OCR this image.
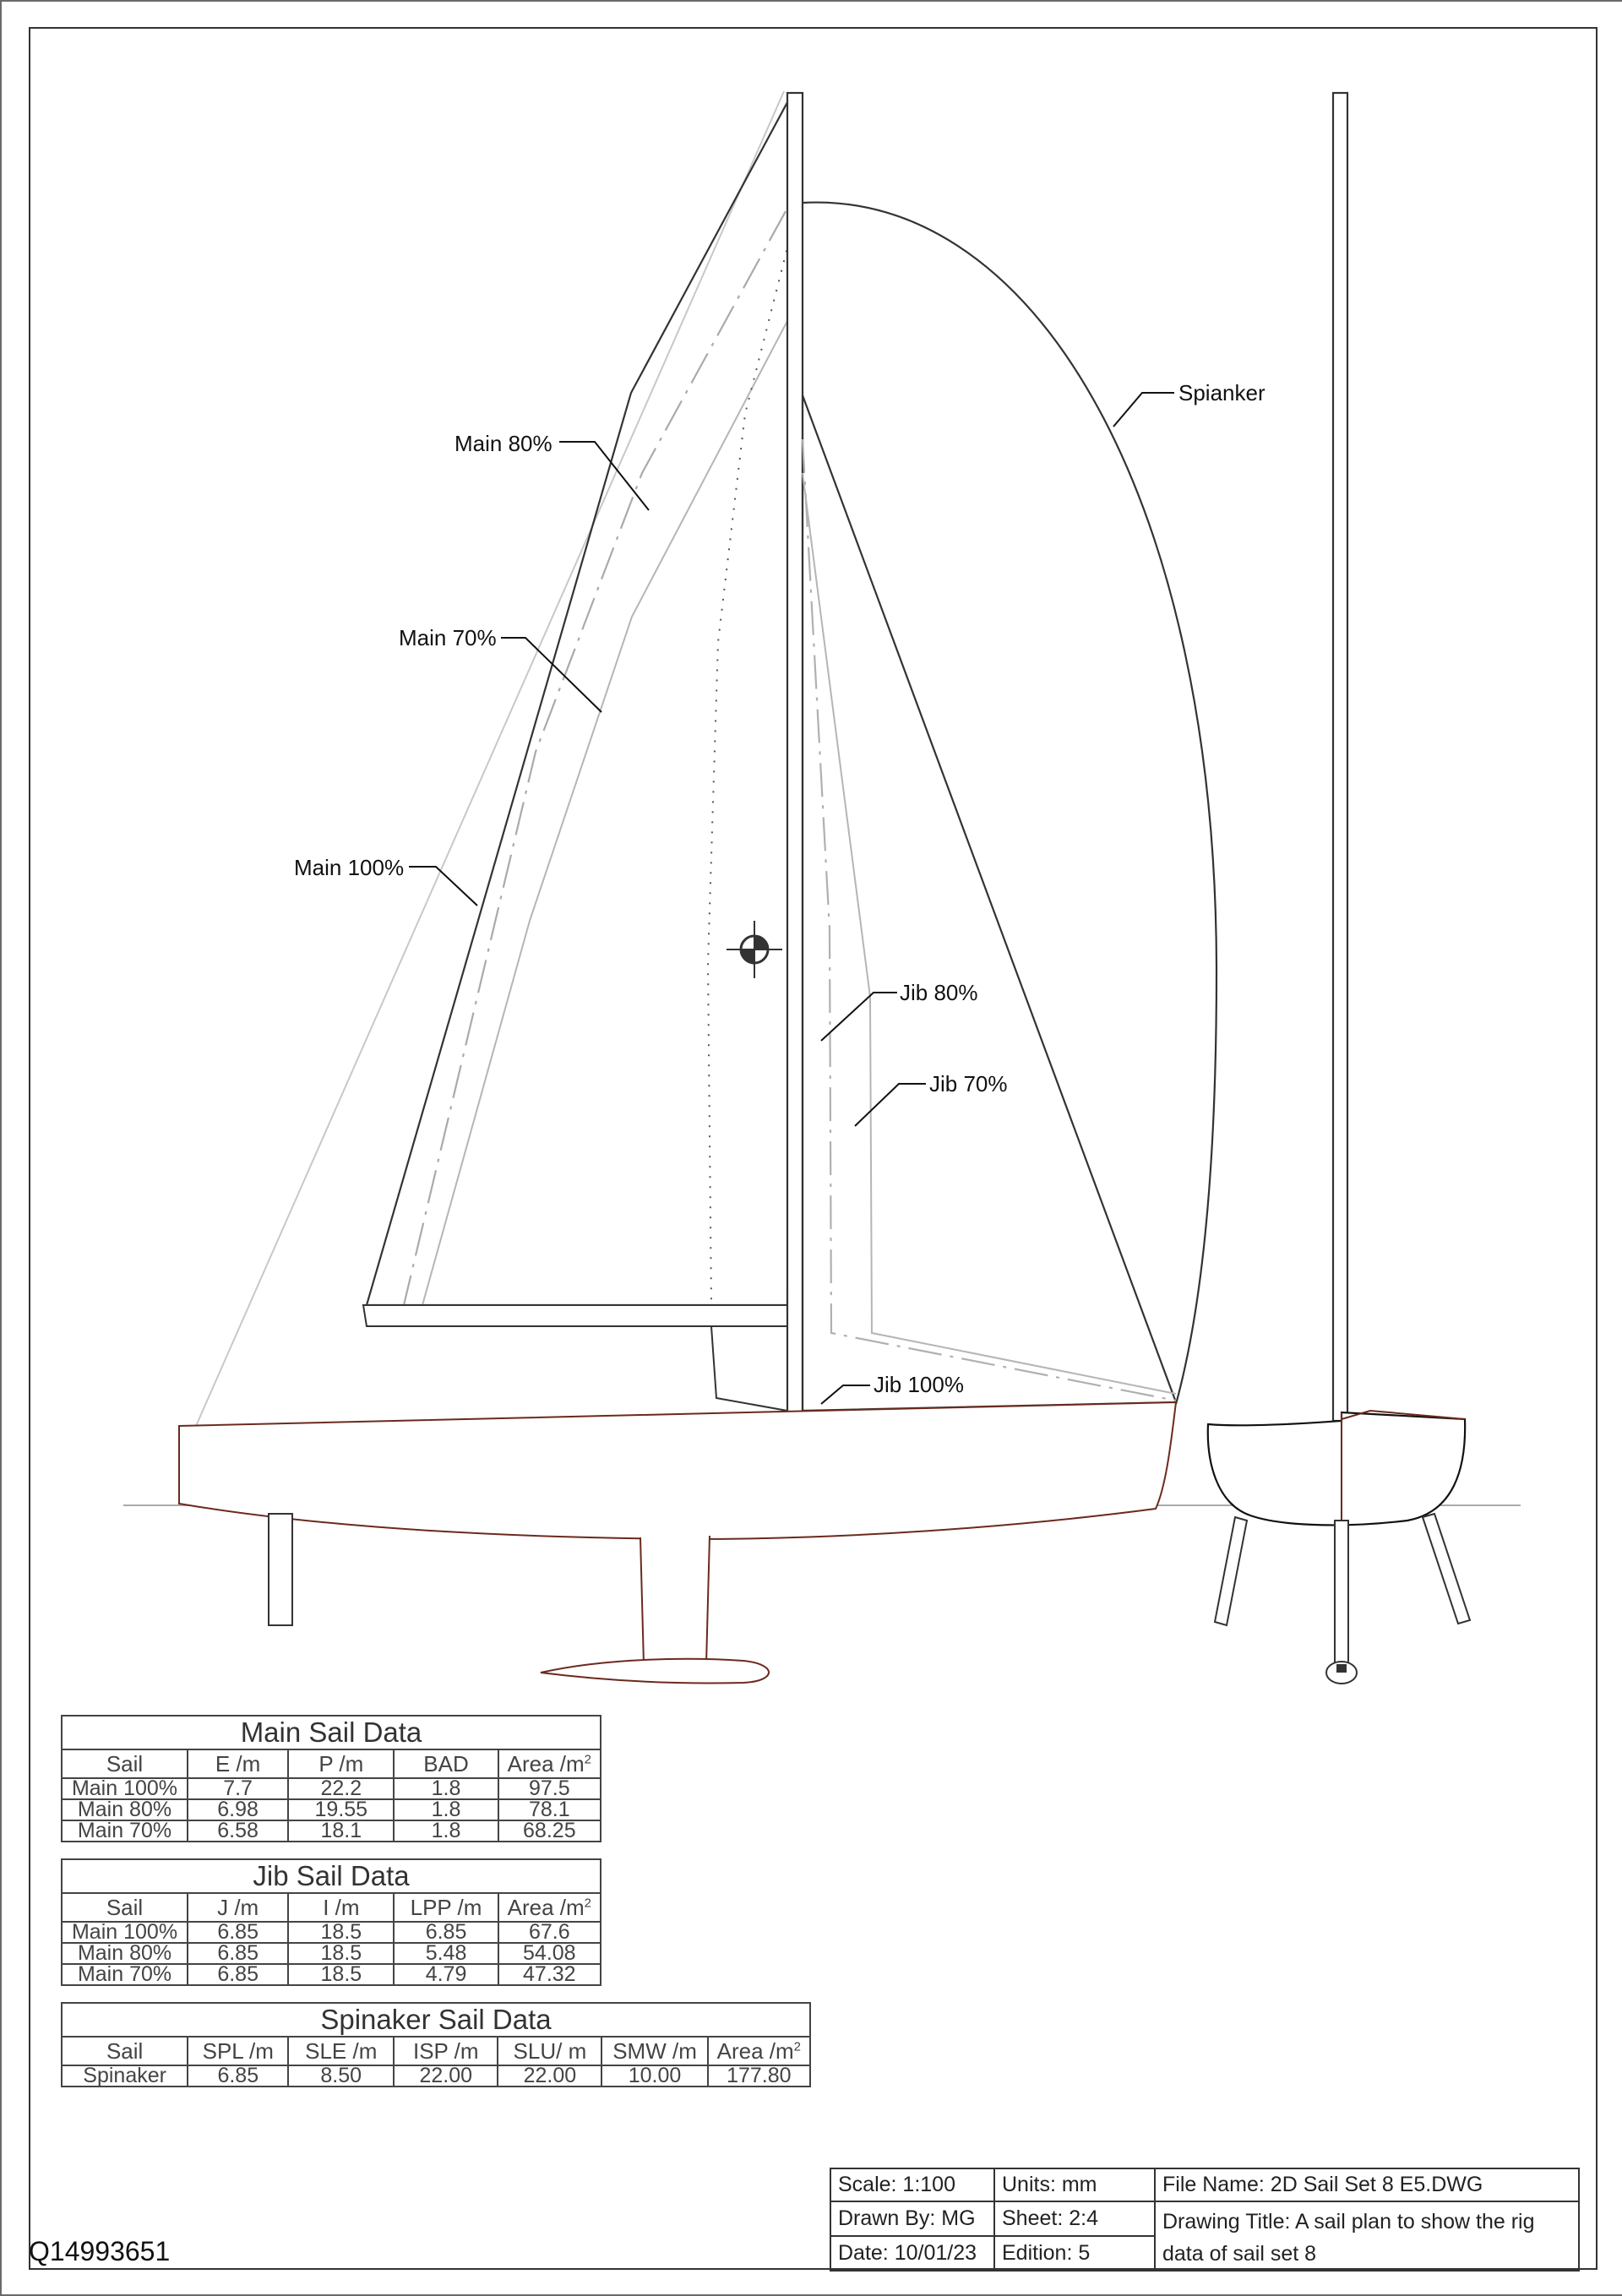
Spianker
Main 80%
Main 70%
Main 100%
Jib 80%
Jib 70%
Jib 100%
Main Sail Data				
Sail	E /m	P /m	BAD	Area $/m^2$
Main 100%	7.7	22.2	1.8	97.5
Main 80%	6.98	19.55	1.8	78.1
Main 70%	6.58	18.1	1.8	68.25
Jib Sail Data				
Sail	J /m	I /m	LPP /m	Area $/m^2$
Main 100%	6.85	18.5	6.85	67.6
Main 80%	6.85	18.5	5.48	54.08
Main 70%	6.85	18.5	4.79	47.32
Spinaker Sail Data						
Sail	SPL /m	SLE /m	ISP /m	SLU/ m	SMW /m	Area $/m^2$
Spinaker	6.85	8.50	22.00	22.00	10.00	177.80
Scale: 1:100	Units: mm	File Name: 2D Sail Set 8 E5.DWG
Drawn By: MG	Sheet: 2:4	Drawing Title: A sail plan to show the rig data of sail set 8
Date: 10/01/23	Edition: 5	
Q14993651
